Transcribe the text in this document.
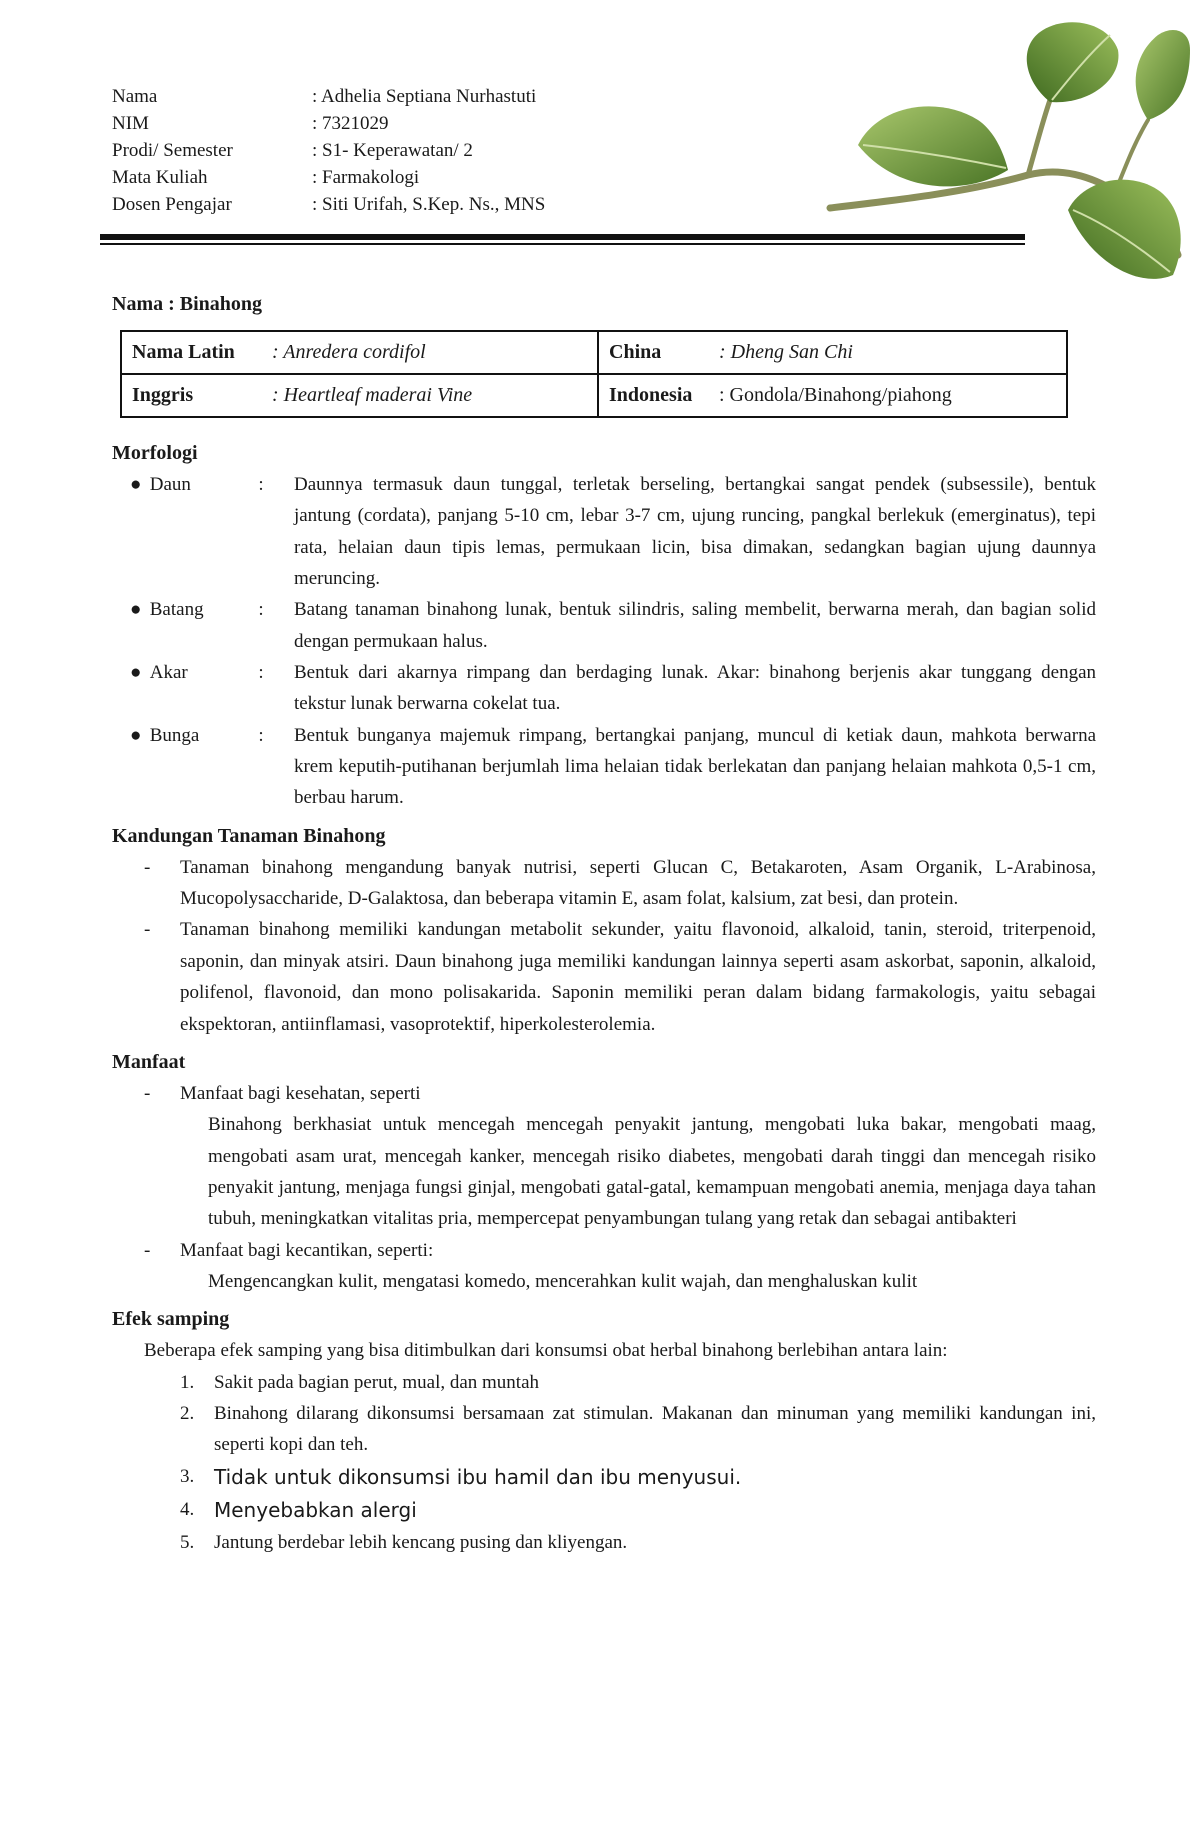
Nama	: Adhelia Septiana Nurhastuti
NIM	: 7321029
Prodi/ Semester	: S1- Keperawatan/ 2
Mata Kuliah	: Farmakologi
Dosen Pengajar	: Siti Urifah, S.Kep. Ns., MNS
Nama : Binahong
Nama Latin : Anredera cordifol	China : Dheng San Chi
Inggris : Heartleaf maderai Vine	Indonesia : Gondola/Binahong/piahong

Morfologi

● Daun	:	Daunnya termasuk daun tunggal, terletak berseling, bertangkai sangat pendek (subsessile), bentuk jantung (cordata), panjang 5-10 cm, lebar 3-7 cm, ujung runcing, pangkal berlekuk (emerginatus), tepi rata, helaian daun tipis lemas, permukaan licin, bisa dimakan, sedangkan bagian ujung daunnya meruncing.
● Batang	:	Batang tanaman binahong lunak, bentuk silindris, saling membelit, berwarna merah, dan bagian solid dengan permukaan halus.
● Akar	:	Bentuk dari akarnya rimpang dan berdaging lunak. Akar: binahong berjenis akar tunggang dengan tekstur lunak berwarna cokelat tua.
● Bunga	:	Bentuk bunganya majemuk rimpang, bertangkai panjang, muncul di ketiak daun, mahkota berwarna krem keputih-putihanan berjumlah lima helaian tidak berlekatan dan panjang helaian mahkota 0,5-1 cm, berbau harum.

Kandungan Tanaman Binahong

-	Tanaman binahong mengandung banyak nutrisi, seperti Glucan C, Betakaroten, Asam Organik, L-Arabinosa, Mucopolysaccharide, D-Galaktosa, dan beberapa vitamin E, asam folat, kalsium, zat besi, dan protein.
-	Tanaman binahong memiliki kandungan metabolit sekunder, yaitu flavonoid, alkaloid, tanin, steroid, triterpenoid, saponin, dan minyak atsiri. Daun binahong juga memiliki kandungan lainnya seperti asam askorbat, saponin, alkaloid, polifenol, flavonoid, dan mono polisakarida. Saponin memiliki peran dalam bidang farmakologis, yaitu sebagai ekspektoran, antiinflamasi, vasoprotektif, hiperkolesterolemia.

Manfaat

-	Manfaat bagi kesehatan, seperti
Binahong berkhasiat untuk mencegah mencegah penyakit jantung, mengobati luka bakar, mengobati maag, mengobati asam urat, mencegah kanker, mencegah risiko diabetes, mengobati darah tinggi dan mencegah risiko penyakit jantung, menjaga fungsi ginjal, mengobati gatal-gatal, kemampuan mengobati anemia, menjaga daya tahan tubuh, meningkatkan vitalitas pria, mempercepat penyambungan tulang yang retak dan sebagai antibakteri
-	Manfaat bagi kecantikan, seperti:
Mengencangkan kulit, mengatasi komedo, mencerahkan kulit wajah, dan menghaluskan kulit

Efek samping

Beberapa efek samping yang bisa ditimbulkan dari konsumsi obat herbal binahong berlebihan antara lain:
1.	Sakit pada bagian perut, mual, dan muntah
2.	Binahong dilarang dikonsumsi bersamaan zat stimulan. Makanan dan minuman yang memiliki kandungan ini, seperti kopi dan teh.
3. Tidak untuk dikonsumsi ibu hamil dan ibu menyusui.
4. Menyebabkan alergi
5.	Jantung berdebar lebih kencang pusing dan kliyengan.
